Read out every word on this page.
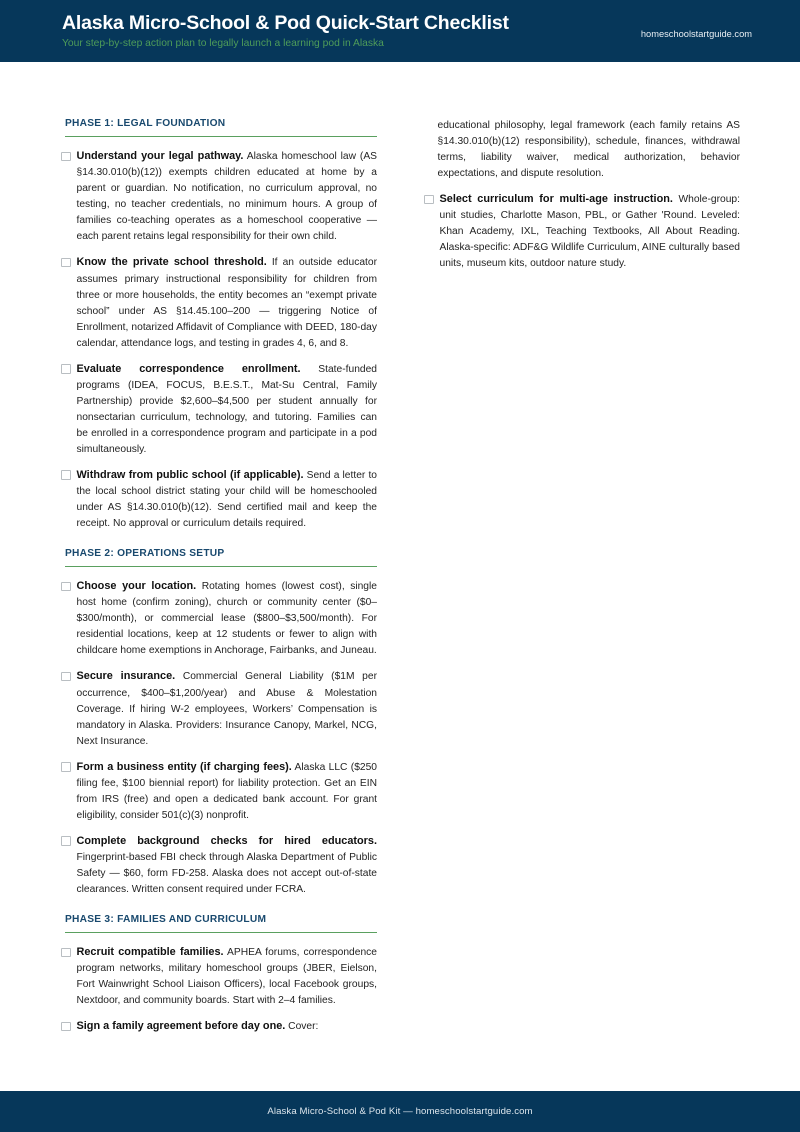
Alaska Micro-School & Pod Quick-Start Checklist
Your step-by-step action plan to legally launch a learning pod in Alaska
homeschoolstartguide.com
PHASE 1: LEGAL FOUNDATION
Understand your legal pathway. Alaska homeschool law (AS §14.30.010(b)(12)) exempts children educated at home by a parent or guardian. No notification, no curriculum approval, no testing, no teacher credentials, no minimum hours. A group of families co-teaching operates as a homeschool cooperative — each parent retains legal responsibility for their own child.
Know the private school threshold. If an outside educator assumes primary instructional responsibility for children from three or more households, the entity becomes an “exempt private school” under AS §14.45.100–200 — triggering Notice of Enrollment, notarized Affidavit of Compliance with DEED, 180-day calendar, attendance logs, and testing in grades 4, 6, and 8.
Evaluate correspondence enrollment. State-funded programs (IDEA, FOCUS, B.E.S.T., Mat-Su Central, Family Partnership) provide $2,600–$4,500 per student annually for nonsectarian curriculum, technology, and tutoring. Families can be enrolled in a correspondence program and participate in a pod simultaneously.
Withdraw from public school (if applicable). Send a letter to the local school district stating your child will be homeschooled under AS §14.30.010(b)(12). Send certified mail and keep the receipt. No approval or curriculum details required.
PHASE 2: OPERATIONS SETUP
Choose your location. Rotating homes (lowest cost), single host home (confirm zoning), church or community center ($0–$300/month), or commercial lease ($800–$3,500/month). For residential locations, keep at 12 students or fewer to align with childcare home exemptions in Anchorage, Fairbanks, and Juneau.
Secure insurance. Commercial General Liability ($1M per occurrence, $400–$1,200/year) and Abuse & Molestation Coverage. If hiring W-2 employees, Workers’ Compensation is mandatory in Alaska. Providers: Insurance Canopy, Markel, NCG, Next Insurance.
Form a business entity (if charging fees). Alaska LLC ($250 filing fee, $100 biennial report) for liability protection. Get an EIN from IRS (free) and open a dedicated bank account. For grant eligibility, consider 501(c)(3) nonprofit.
Complete background checks for hired educators. Fingerprint-based FBI check through Alaska Department of Public Safety — $60, form FD-258. Alaska does not accept out-of-state clearances. Written consent required under FCRA.
PHASE 3: FAMILIES AND CURRICULUM
Recruit compatible families. APHEA forums, correspondence program networks, military homeschool groups (JBER, Eielson, Fort Wainwright School Liaison Officers), local Facebook groups, Nextdoor, and community boards. Start with 2–4 families.
Sign a family agreement before day one. Cover:
educational philosophy, legal framework (each family retains AS §14.30.010(b)(12) responsibility), schedule, finances, withdrawal terms, liability waiver, medical authorization, behavior expectations, and dispute resolution.
Select curriculum for multi-age instruction. Whole-group: unit studies, Charlotte Mason, PBL, or Gather 'Round. Leveled: Khan Academy, IXL, Teaching Textbooks, All About Reading. Alaska-specific: ADF&G Wildlife Curriculum, AINE culturally based units, museum kits, outdoor nature study.
Alaska Micro-School & Pod Kit — homeschoolstartguide.com
